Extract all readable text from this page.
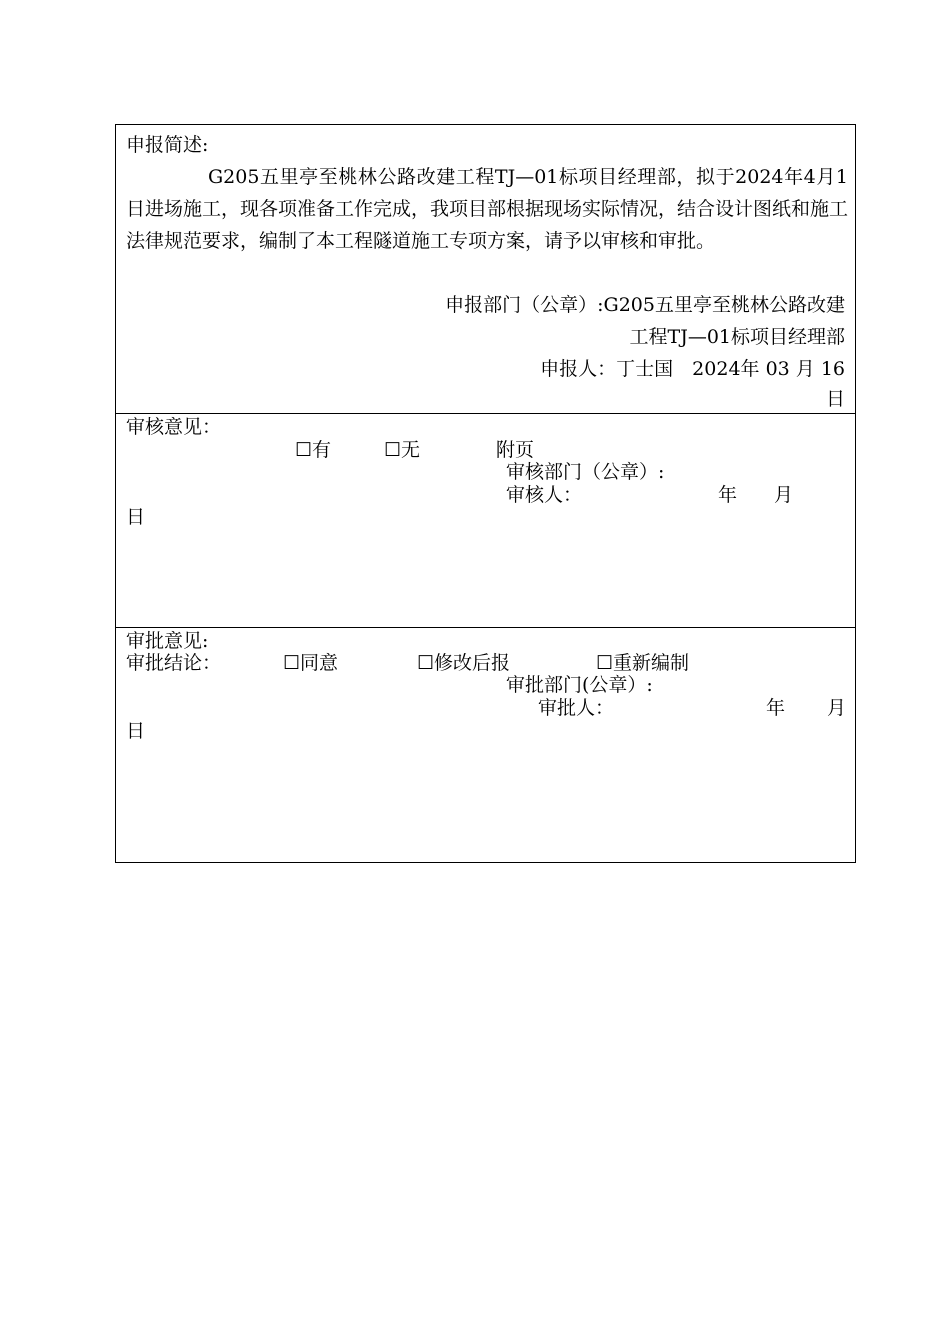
申报简述:
G205五里亭至桃林公路改建工程TJ—01标项目经理部，拟于2024年4月1日进场施工，现各项准备工作完成，我项目部根据现场实际情况，结合设计图纸和施工法律规范要求，编制了本工程隧道施工专项方案，请予以审核和审批。
申报部门（公章）:G205五里亭至桃林公路改建
工程TJ—01标项目经理部
申报人：丁士国　2024年 03 月 16
日
审核意见：
☐有	☐无	附页
审核部门（公章）:
审核人：	年 月
日
审批意见:
审批结论：	☐同意	☐修改后报	☐重新编制
审批部门(公章）:
审批人：	年 月
日
